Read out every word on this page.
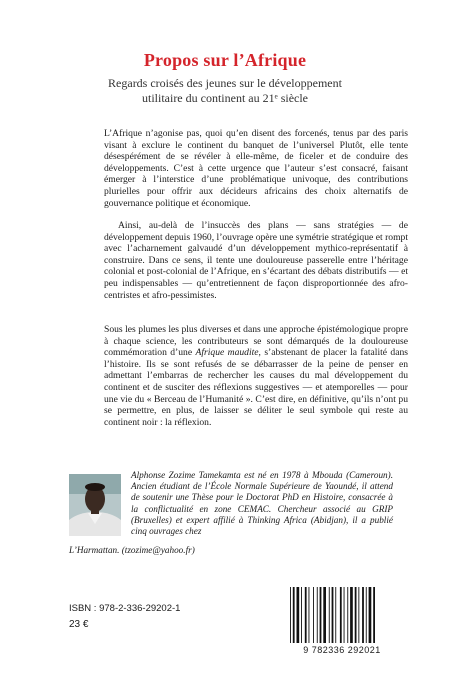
Propos sur l’Afrique
Regards croisés des jeunes sur le développement
utilitaire du continent au 21ᵉ siècle

L’Afrique n’agonise pas, quoi qu’en disent des forcenés, tenus par des paris visant à exclure le continent du banquet de l’universel Plutôt, elle tente désespérément de se révéler à elle-même, de ficeler et de conduire des développements. C’est à cette urgence que l’auteur s’est consacré, faisant émerger à l’interstice d’une problématique univoque, des contributions plurielles pour offrir aux décideurs africains des choix alternatifs de gouvernance politique et économique.

Ainsi, au-delà de l’insuccès des plans — sans stratégies — de développement depuis 1960, l’ouvrage opère une symétrie stratégique et rompt avec l’acharnement galvaudé d’un développement mythico-représentatif à construire. Dans ce sens, il tente une douloureuse passerelle entre l’héritage colonial et post-colonial de l’Afrique, en s’écartant des débats distributifs — et peu indispensables — qu’entretiennent de façon disproportionnée des afro-centristes et afro-pessimistes.

Sous les plumes les plus diverses et dans une approche épistémologique propre à chaque science, les contributeurs se sont démarqués de la douloureuse commémoration d’une Afrique maudite, s’abstenant de placer la fatalité dans l’histoire. Ils se sont refusés de se débarrasser de la peine de penser en admettant l’embarras de rechercher les causes du mal développement du continent et de susciter des réflexions suggestives — et atemporelles — pour une vie du « Berceau de l’Humanité ». C’est dire, en définitive, qu’ils n’ont pu se permettre, en plus, de laisser se déliter le seul symbole qui reste au continent noir : la réflexion.

Alphonse Zozime Tamekamta est né en 1978 à Mbouda (Cameroun). Ancien étudiant de l’École Normale Supérieure de Yaoundé, il attend de soutenir une Thèse pour le Doctorat PhD en Histoire, consacrée à la conflictualité en zone CEMAC. Chercheur associé au GRIP (Bruxelles) et expert affilié à Thinking Africa (Abidjan), il a publié cinq ouvrages chez
L’Harmattan. (tzozime@yahoo.fr)
ISBN : 978-2-336-29202-1
23 €
9 782336 292021
